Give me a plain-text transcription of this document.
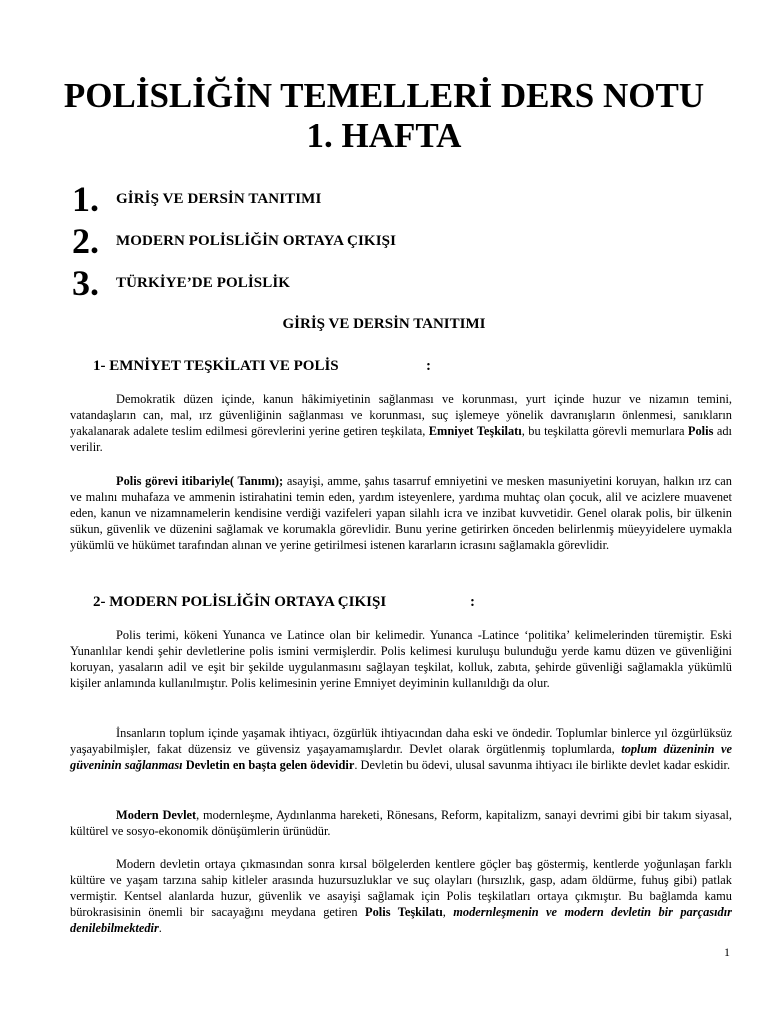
POLİSLİĞİN TEMELLERİ DERS NOTU
1. HAFTA
1.	GİRİŞ VE DERSİN TANITIMI
2.	MODERN POLİSLİĞİN ORTAYA ÇIKIŞI
3.	TÜRKİYE’DE POLİSLİK
GİRİŞ VE DERSİN TANITIMI
1- EMNİYET TEŞKİLATI VE POLİS	:

Demokratik düzen içinde, kanun hâkimiyetinin sağlanması ve korunması, yurt içinde huzur ve nizamın temini, vatandaşların can, mal, ırz güvenliğinin sağlanması ve korunması, suç işlemeye yönelik davranışların önlenmesi, sanıkların yakalanarak adalete teslim edilmesi görevlerini yerine getiren teşkilata, Emniyet Teşkilatı, bu teşkilatta görevli memurlara Polis adı verilir.

Polis görevi itibariyle( Tanımı); asayişi, amme, şahıs tasarruf emniyetini ve mesken masuniyetini koruyan, halkın ırz can ve malını muhafaza ve ammenin istirahatini temin eden, yardım isteyenlere, yardıma muhtaç olan çocuk, alil ve acizlere muavenet eden, kanun ve nizamnamelerin kendisine verdiği vazifeleri yapan silahlı icra ve inzibat kuvvetidir. Genel olarak polis, bir ülkenin sükun, güvenlik ve düzenini sağlamak ve korumakla görevlidir. Bunu yerine getirirken önceden belirlenmiş müeyyidelere uymakla yükümlü ve hükümet tarafından alınan ve yerine getirilmesi istenen kararların icrasını sağlamakla görevlidir.

2- MODERN POLİSLİĞİN ORTAYA ÇIKIŞI	:

Polis terimi, kökeni Yunanca ve Latince olan bir kelimedir. Yunanca -Latince ‘politika’ kelimelerinden türemiştir. Eski Yunanlılar kendi şehir devletlerine polis ismini vermişlerdir. Polis kelimesi kuruluşu bulunduğu yerde kamu düzen ve güvenliğini koruyan, yasaların adil ve eşit bir şekilde uygulanmasını sağlayan teşkilat, kolluk, zabıta, şehirde güvenliği sağlamakla yükümlü kişiler anlamında kullanılmıştır. Polis kelimesinin yerine Emniyet deyiminin kullanıldığı da olur.

İnsanların toplum içinde yaşamak ihtiyacı, özgürlük ihtiyacından daha eski ve öndedir. Toplumlar binlerce yıl özgürlüksüz yaşayabilmişler, fakat düzensiz ve güvensiz yaşayamamışlardır. Devlet olarak örgütlenmiş toplumlarda, toplum düzeninin ve güveninin sağlanması Devletin en başta gelen ödevidir. Devletin bu ödevi, ulusal savunma ihtiyacı ile birlikte devlet kadar eskidir.

Modern Devlet, modernleşme, Aydınlanma hareketi, Rönesans, Reform, kapitalizm, sanayi devrimi gibi bir takım siyasal, kültürel ve sosyo-ekonomik dönüşümlerin ürünüdür.

Modern devletin ortaya çıkmasından sonra kırsal bölgelerden kentlere göçler baş göstermiş, kentlerde yoğunlaşan farklı kültüre ve yaşam tarzına sahip kitleler arasında huzursuzluklar ve suç olayları (hırsızlık, gasp, adam öldürme, fuhuş gibi) patlak vermiştir. Kentsel alanlarda huzur, güvenlik ve asayişi sağlamak için Polis teşkilatları ortaya çıkmıştır. Bu bağlamda kamu bürokrasisinin önemli bir sacayağını meydana getiren Polis Teşkilatı, modernleşmenin ve modern devletin bir parçasıdır denilebilmektedir.

1
